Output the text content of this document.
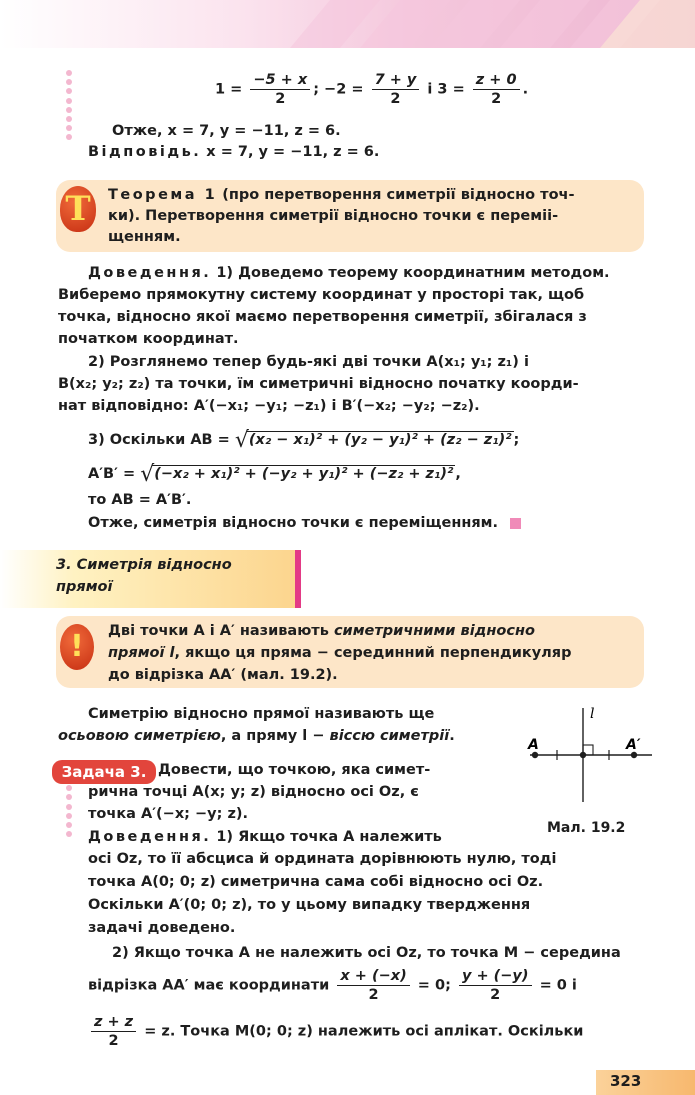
$1 = \frac{-5 + x}{2}$ ; $-2 = \frac{7 + y}{2}$ і $3 = \frac{z + 0}{2}$ .
Отже, x = 7, y = −11, z = 6.
Відповідь. x = 7, y = −11, z = 6.
Т	Теорема 1 (про перетворення симетрії відносно точ-
ки). Перетворення симетрії відносно точки є переміі-
щенням.
Доведення. 1) Доведемо теорему координатним методом.
Виберемо прямокутну систему координат у просторі так, щоб
точка, відносно якої маємо перетворення симетрії, збігалася з
початком координат.
2) Розглянемо тепер будь-які дві точки A(x₁; y₁; z₁) і
B(x₂; y₂; z₂) та точки, їм симетричні відносно початку коорди-
нат відповідно: A′(−x₁; −y₁; −z₁) і B′(−x₂; −y₂; −z₂).
3) Оскільки AB = √(x₂ − x₁)² + (y₂ − y₁)² + (z₂ − z₁)² ;
A′B′ = √(−x₂ + x₁)² + (−y₂ + y₁)² + (−z₂ + z₁)² ,
то AB = A′B′.
Отже, симетрія відносно точки є переміщенням.
3. Симетрія відносно
прямої
!	Дві точки A і A′ називають симетричними відносно
прямої l, якщо ця пряма − серединний перпендикуляр
до відрізка AA′ (мал. 19.2).
Симетрію відносно прямої називають ще
осьовою симетрією, а пряму l − віссю симетрії.
l
A	A′
Мал. 19.2
Задача 3. Довести, що точкою, яка симет-
рична точці A(x; y; z) відносно осі Oz, є
точка A′(−x; −y; z).
Доведення. 1) Якщо точка A належить
осі Oz, то її абсциса й ордината дорівнюють нулю, тоді
точка A(0; 0; z) симетрична сама собі відносно осі Oz.
Оскільки A′(0; 0; z), то у цьому випадку твердження
задачі доведено.
2) Якщо точка A не належить осі Oz, то точка M − середина
відрізка AA′ має координати $\frac{x + (-x)}{2} = 0$; $\frac{y + (-y)}{2} = 0$ і
$\frac{z + z}{2} = z$. Точка M(0; 0; z) належить осі аплікат. Оскільки
323
